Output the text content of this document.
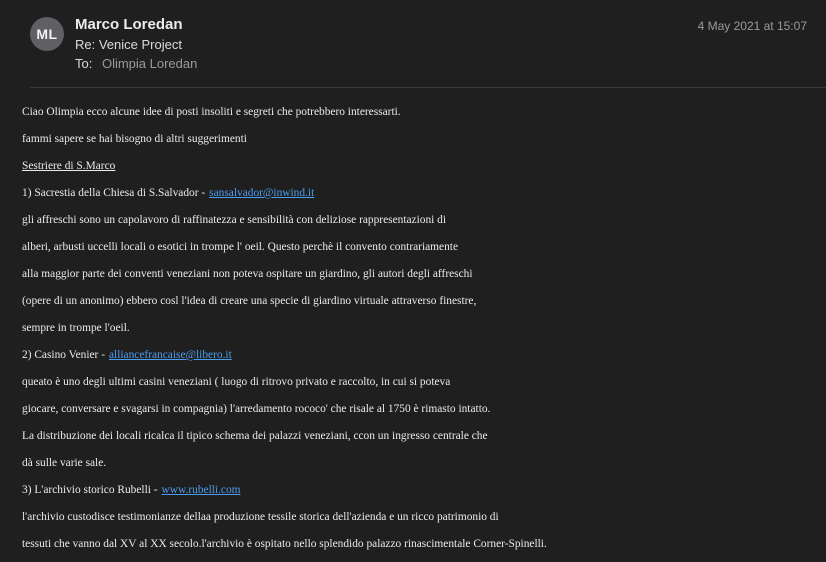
ML
Marco Loredan
Re: Venice Project
To: Olimpia Loredan
4 May 2021 at 15:07
Ciao Olimpia ecco alcune idee di posti insoliti e segreti che potrebbero interessarti.
fammi sapere se hai bisogno di altri suggerimenti
Sestriere di S.Marco
1) Sacrestia della Chiesa di S.Salvador - sansalvador@inwind.it
gli affreschi sono un capolavoro di raffinatezza e sensibilità con deliziose rappresentazioni di
alberi, arbusti uccelli locali o esotici in trompe l' oeil. Questo perchè il convento contrariamente
alla maggior parte dei conventi veneziani non poteva ospitare un giardino, gli autori degli affreschi
(opere di un anonimo) ebbero cosl l'idea di creare una specie di giardino virtuale attraverso finestre,
sempre in trompe l'oeil.
2) Casino Venier - alliancefrancaise@libero.it
queato è uno degli ultimi casini veneziani ( luogo di ritrovo privato e raccolto, in cui si poteva
giocare, conversare e svagarsi in compagnia) l'arredamento rococo' che risale al 1750 è rimasto intatto.
La distribuzione dei locali ricalca il tipico schema dei palazzi veneziani, ccon un ingresso centrale che
dà sulle varie sale.
3) L'archivio storico Rubelli - www.rubelli.com
l'archivio custodisce testimonianze dellaa produzione tessile storica dell'azienda e un ricco patrimonio di
tessuti che vanno dal XV al XX secolo.l'archivio è ospitato nello splendido palazzo rinascimentale Corner-Spinelli.
